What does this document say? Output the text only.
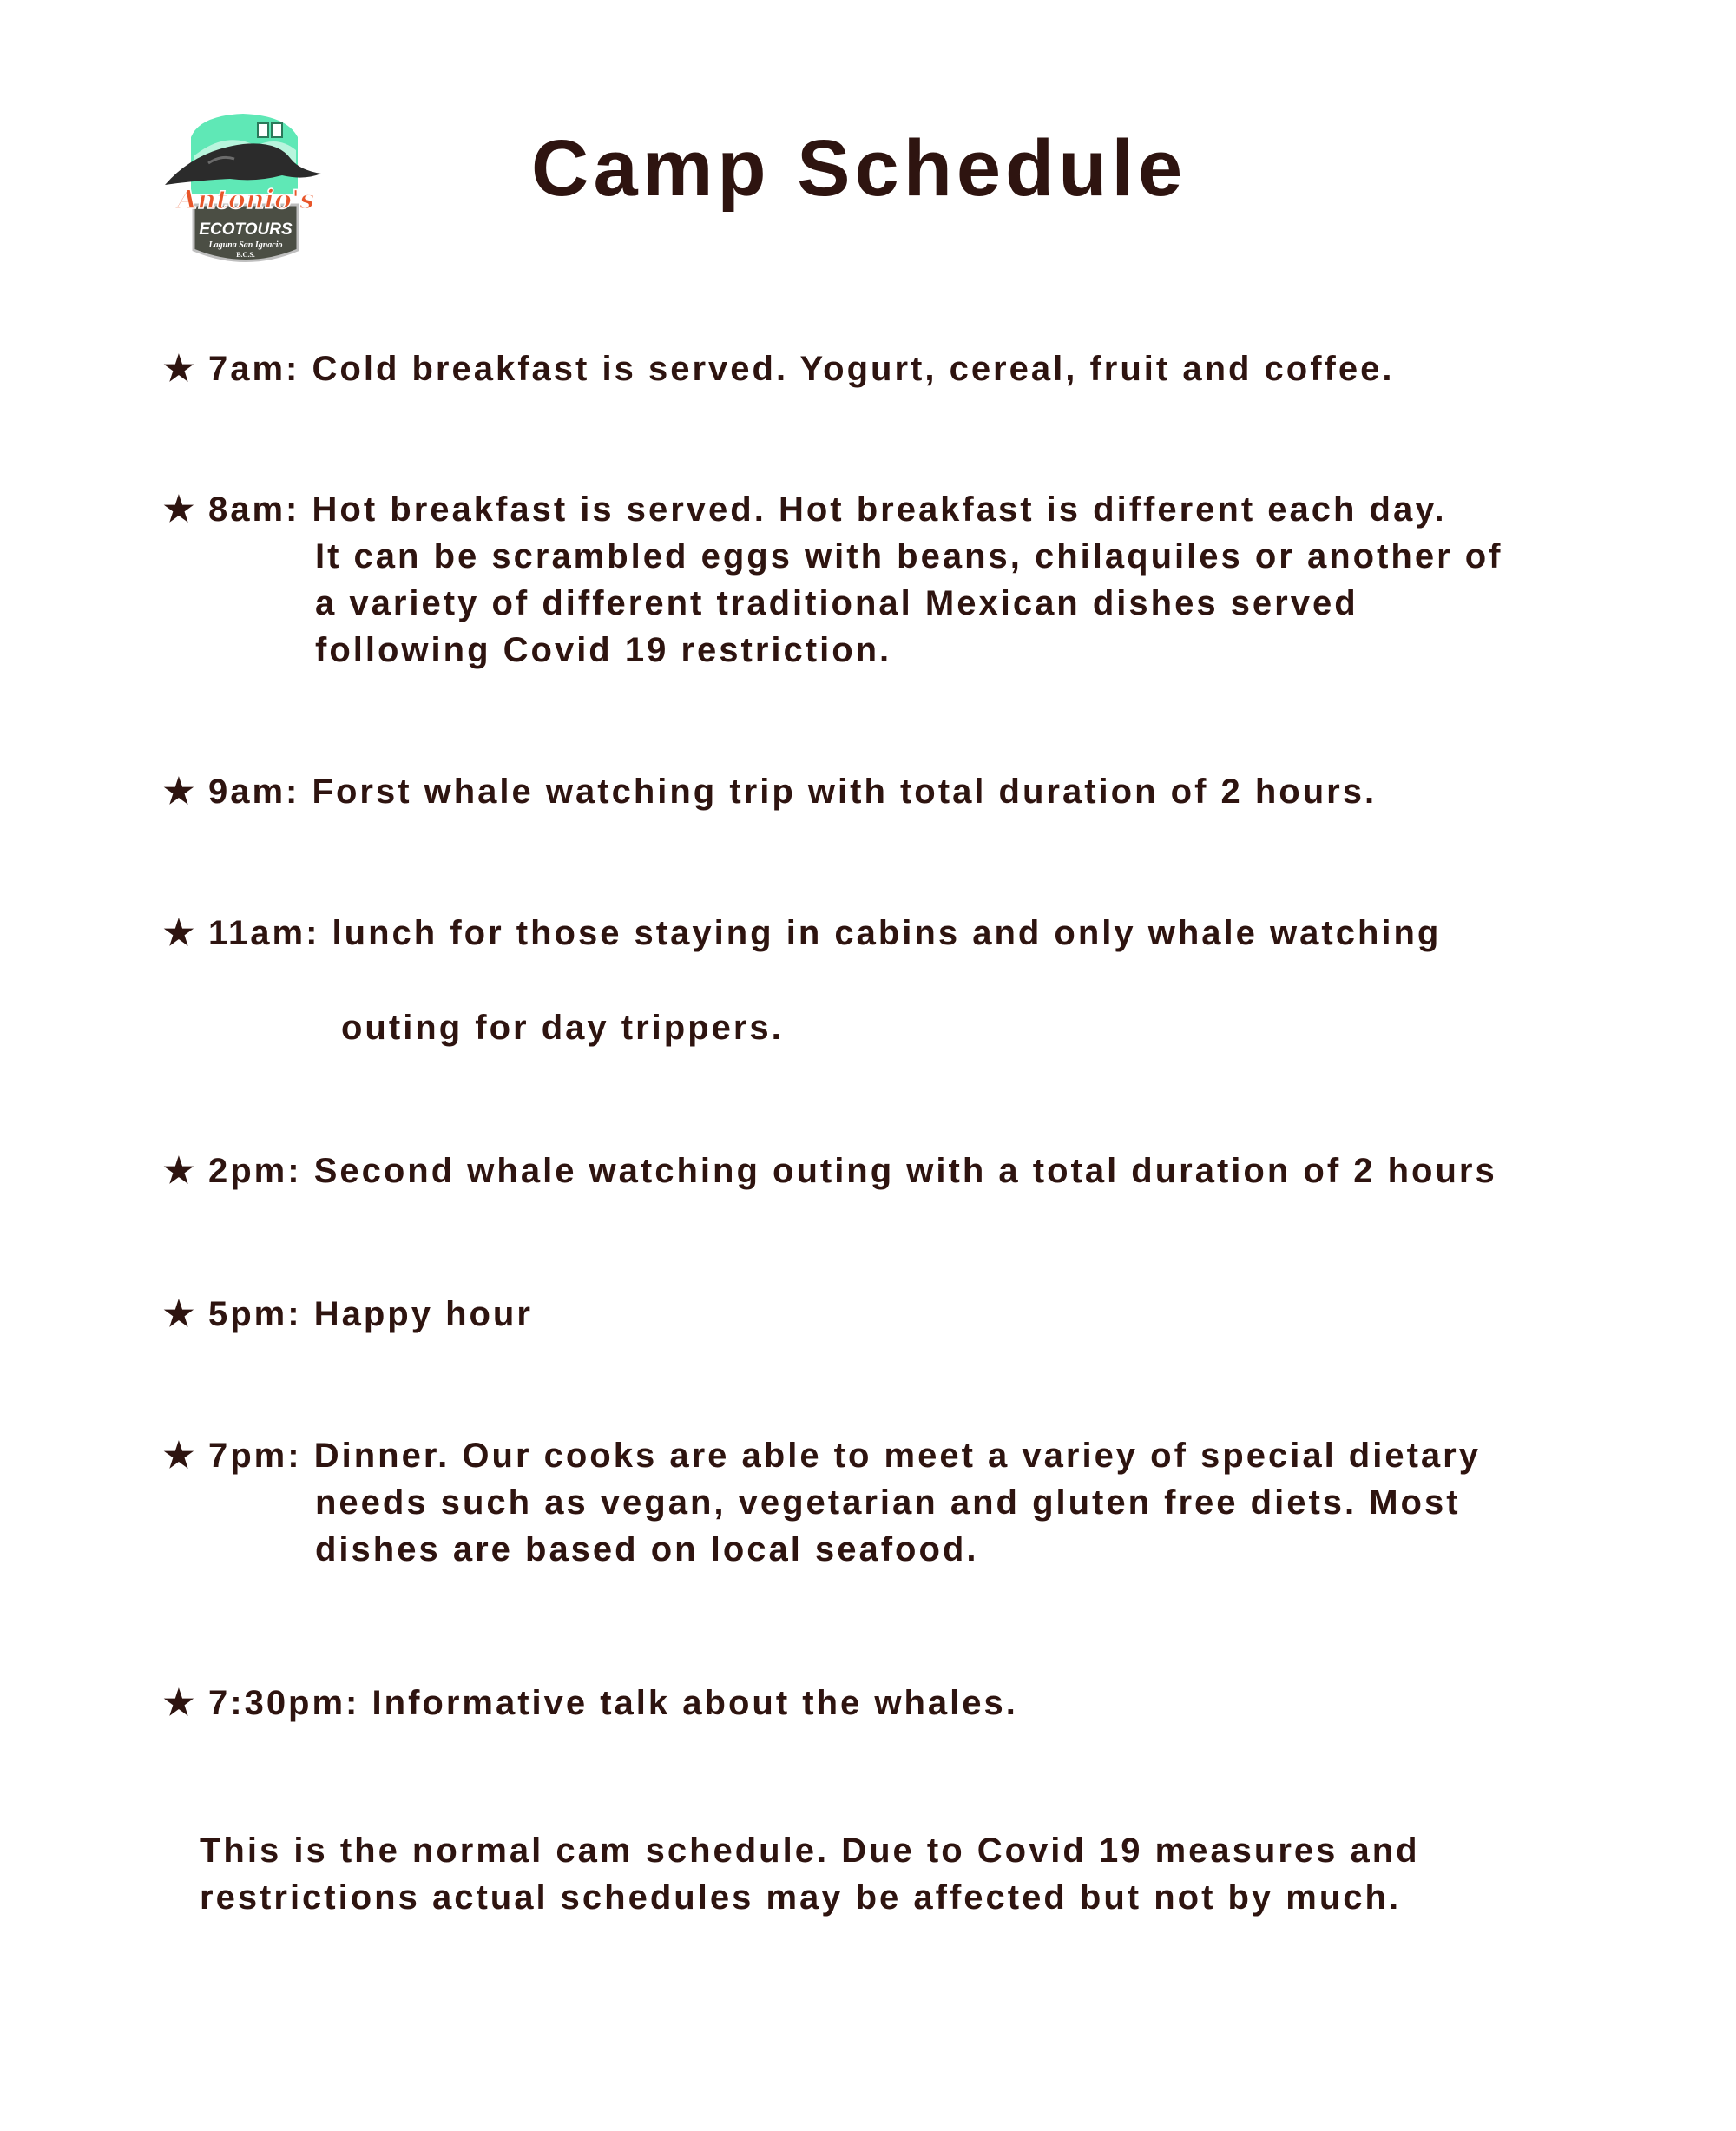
Antonio's
ECOTOURS
Laguna San Ignacio
B.C.S.
Camp Schedule
★ 7am: Cold breakfast is served. Yogurt, cereal, fruit and coffee.
★ 8am: Hot breakfast is served. Hot breakfast is different each day.
It can be scrambled eggs with beans, chilaquiles or another of
a variety of different traditional Mexican dishes served
following Covid 19 restriction.
★ 9am: Forst whale watching trip with total duration of 2 hours.
★ 11am: lunch for those staying in cabins and only whale watching
outing for day trippers.
★ 2pm: Second whale watching outing with a total duration of 2 hours
★ 5pm: Happy hour
★ 7pm: Dinner. Our cooks are able to meet a variey of special dietary
needs such as vegan, vegetarian and gluten free diets. Most
dishes are based on local seafood.
★ 7:30pm: Informative talk about the whales.
This is the normal cam schedule. Due to Covid 19 measures and
restrictions actual schedules may be affected but not by much.
